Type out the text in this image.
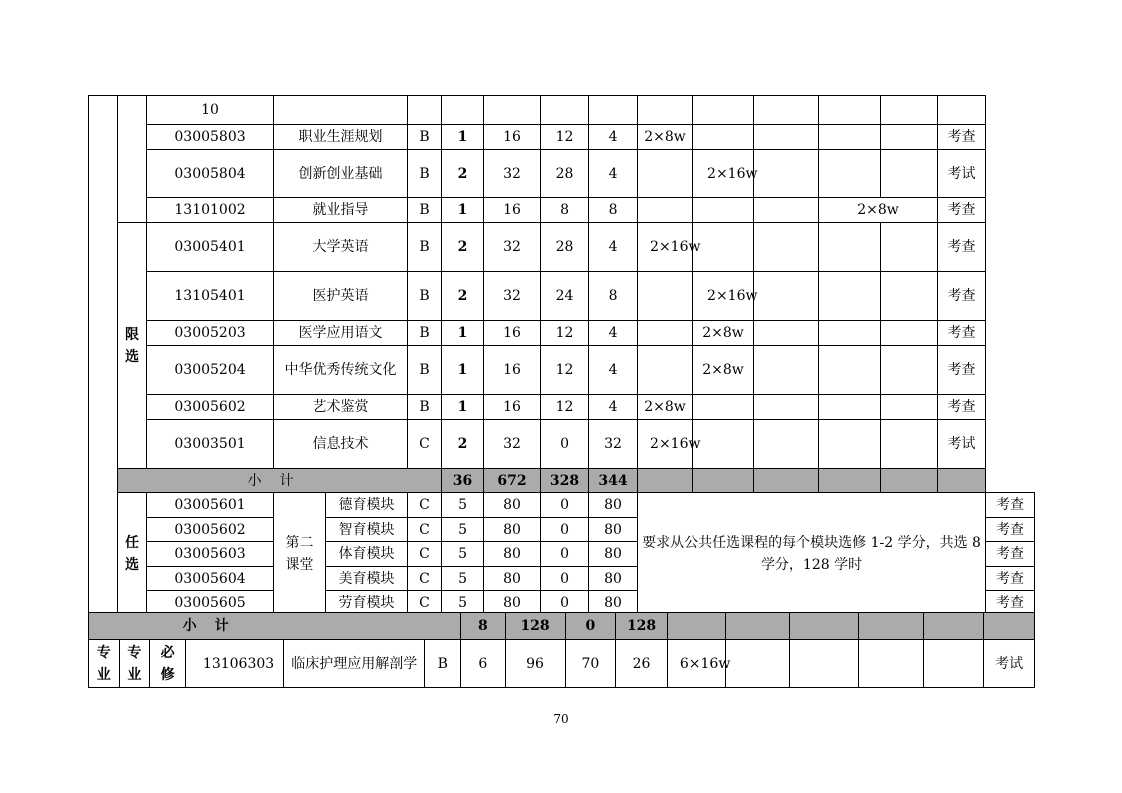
		10														
		03005803	职业生涯规划		B	1	16	12	4	2×8w					考查	
		03005804	创新创业基础		B	2	32	28	4		2×16w				考试	
		13101002	就业指导		B	1	16	8	8				2×8w		考查	
	限选	03005401	大学英语		B	2	32	28	4	2×16w					考查	
		13105401	医护英语		B	2	32	24	8		2×16w				考查	
		03005203	医学应用语文		B	1	16	12	4		2×8w				考查	
		03005204	中华优秀传统文化		B	1	16	12	4		2×8w				考查	
		03005602	艺术鉴赏		B	1	16	12	4	2×8w					考查	
		03003501	信息技术		C	2	32	0	32	2×16w					考试	
	小计					36	672	328	344							
	任选	03005601	第二课堂	德育模块	C	5	80	0	80	要求从公共任选课程的每个模块选修 1-2 学分，共选 8 学分，128 学时						考查
		03005602		智育模块	C	5	80	0	80							考查
		03005603		体育模块	C	5	80	0	80							考查
		03005604		美育模块	C	5	80	0	80							考查
		03005605		劳育模块	C	5	80	0	80							考查
小计						8	128	0	128						
专业	专业	必修	13106303	临床护理应用解剖学	B	6	96	70	26	6×16w					考试
70
